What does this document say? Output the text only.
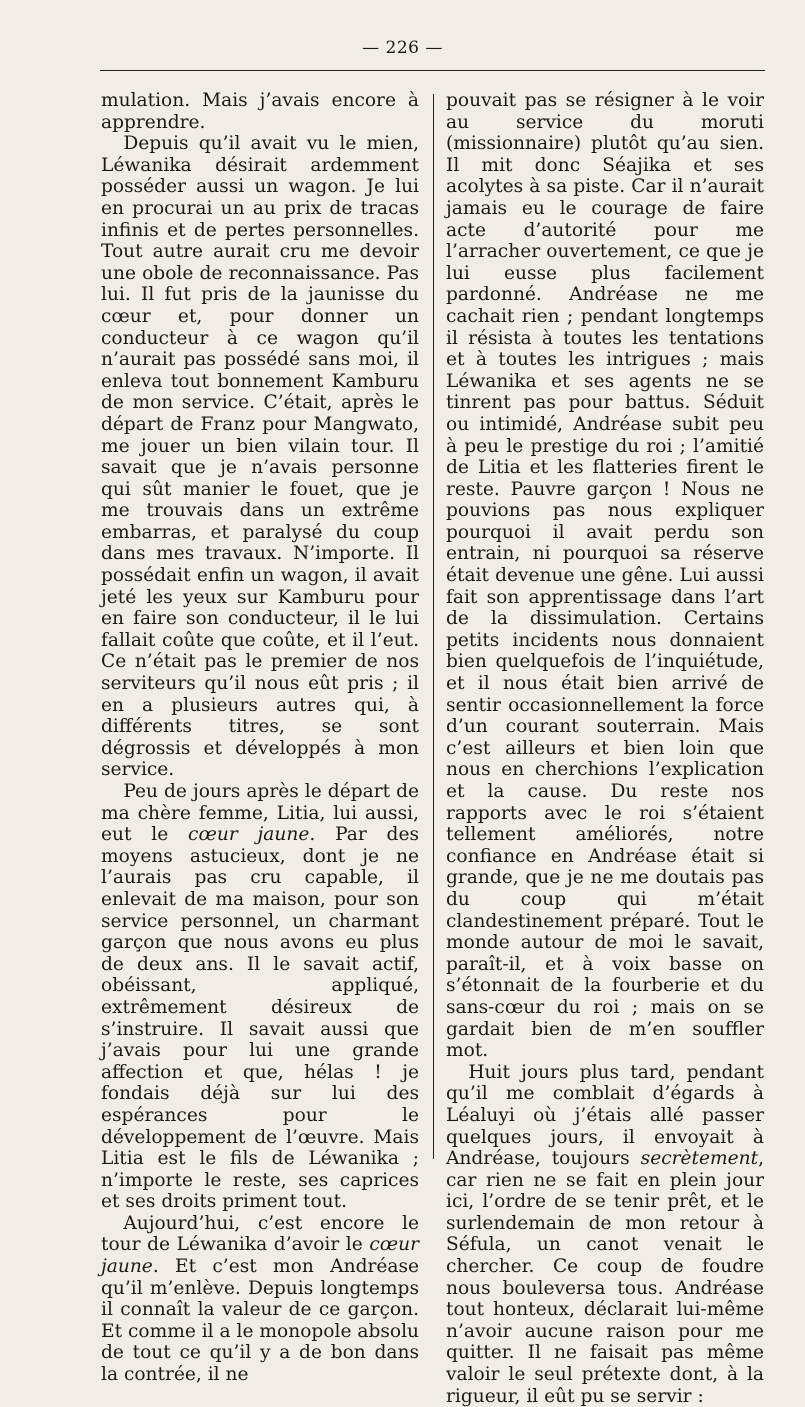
— 226 —

mulation. Mais j’avais encore à apprendre.

Depuis qu’il avait vu le mien, Léwanika désirait ardemment posséder aussi un wagon. Je lui en procurai un au prix de tracas infinis et de pertes personnelles. Tout autre aurait cru me devoir une obole de reconnaissance. Pas lui. Il fut pris de la jaunisse du cœur et, pour donner un conducteur à ce wagon qu’il n’aurait pas possédé sans moi, il enleva tout bonnement Kamburu de mon service. C’était, après le départ de Franz pour Mangwato, me jouer un bien vilain tour. Il savait que je n’avais personne qui sût manier le fouet, que je me trouvais dans un extrême embarras, et paralysé du coup dans mes travaux. N’importe. Il possédait enfin un wagon, il avait jeté les yeux sur Kamburu pour en faire son conducteur, il le lui fallait coûte que coûte, et il l’eut. Ce n’était pas le premier de nos serviteurs qu’il nous eût pris ; il en a plusieurs autres qui, à différents titres, se sont dégrossis et développés à mon service.

Peu de jours après le départ de ma chère femme, Litia, lui aussi, eut le cœur jaune. Par des moyens astucieux, dont je ne l’aurais pas cru capable, il enlevait de ma maison, pour son service personnel, un charmant garçon que nous avons eu plus de deux ans. Il le savait actif, obéissant, appliqué, extrêmement désireux de s’instruire. Il savait aussi que j’avais pour lui une grande affection et que, hélas ! je fondais déjà sur lui des espérances pour le développement de l’œuvre. Mais Litia est le fils de Léwanika ; n’importe le reste, ses caprices et ses droits priment tout.

Aujourd’hui, c’est encore le tour de Léwanika d’avoir le cœur jaune. Et c’est mon Andréase qu’il m’enlève. Depuis longtemps il connaît la valeur de ce garçon. Et comme il a le monopole absolu de tout ce qu’il y a de bon dans la contrée, il ne

pouvait pas se résigner à le voir au service du moruti (missionnaire) plutôt qu’au sien. Il mit donc Séajika et ses acolytes à sa piste. Car il n’aurait jamais eu le courage de faire acte d’autorité pour me l’arracher ouvertement, ce que je lui eusse plus facilement pardonné. Andréase ne me cachait rien ; pendant longtemps il résista à toutes les tentations et à toutes les intrigues ; mais Léwanika et ses agents ne se tinrent pas pour battus. Séduit ou intimidé, Andréase subit peu à peu le prestige du roi ; l’amitié de Litia et les flatteries firent le reste. Pauvre garçon ! Nous ne pouvions pas nous expliquer pourquoi il avait perdu son entrain, ni pourquoi sa réserve était devenue une gêne. Lui aussi fait son apprentissage dans l’art de la dissimulation. Certains petits incidents nous donnaient bien quelquefois de l’inquiétude, et il nous était bien arrivé de sentir occasionnellement la force d’un courant souterrain. Mais c’est ailleurs et bien loin que nous en cherchions l’explication et la cause. Du reste nos rapports avec le roi s’étaient tellement améliorés, notre confiance en Andréase était si grande, que je ne me doutais pas du coup qui m’était clandestinement préparé. Tout le monde autour de moi le savait, paraît-il, et à voix basse on s’étonnait de la fourberie et du sans-cœur du roi ; mais on se gardait bien de m’en souffler mot.

Huit jours plus tard, pendant qu’il me comblait d’égards à Léaluyi où j’étais allé passer quelques jours, il envoyait à Andréase, toujours secrètement, car rien ne se fait en plein jour ici, l’ordre de se tenir prêt, et le surlendemain de mon retour à Séfula, un canot venait le chercher. Ce coup de foudre nous bouleversa tous. Andréase tout honteux, déclarait lui-même n’avoir aucune raison pour me quitter. Il ne faisait pas même valoir le seul prétexte dont, à la rigueur, il eût pu se servir :
